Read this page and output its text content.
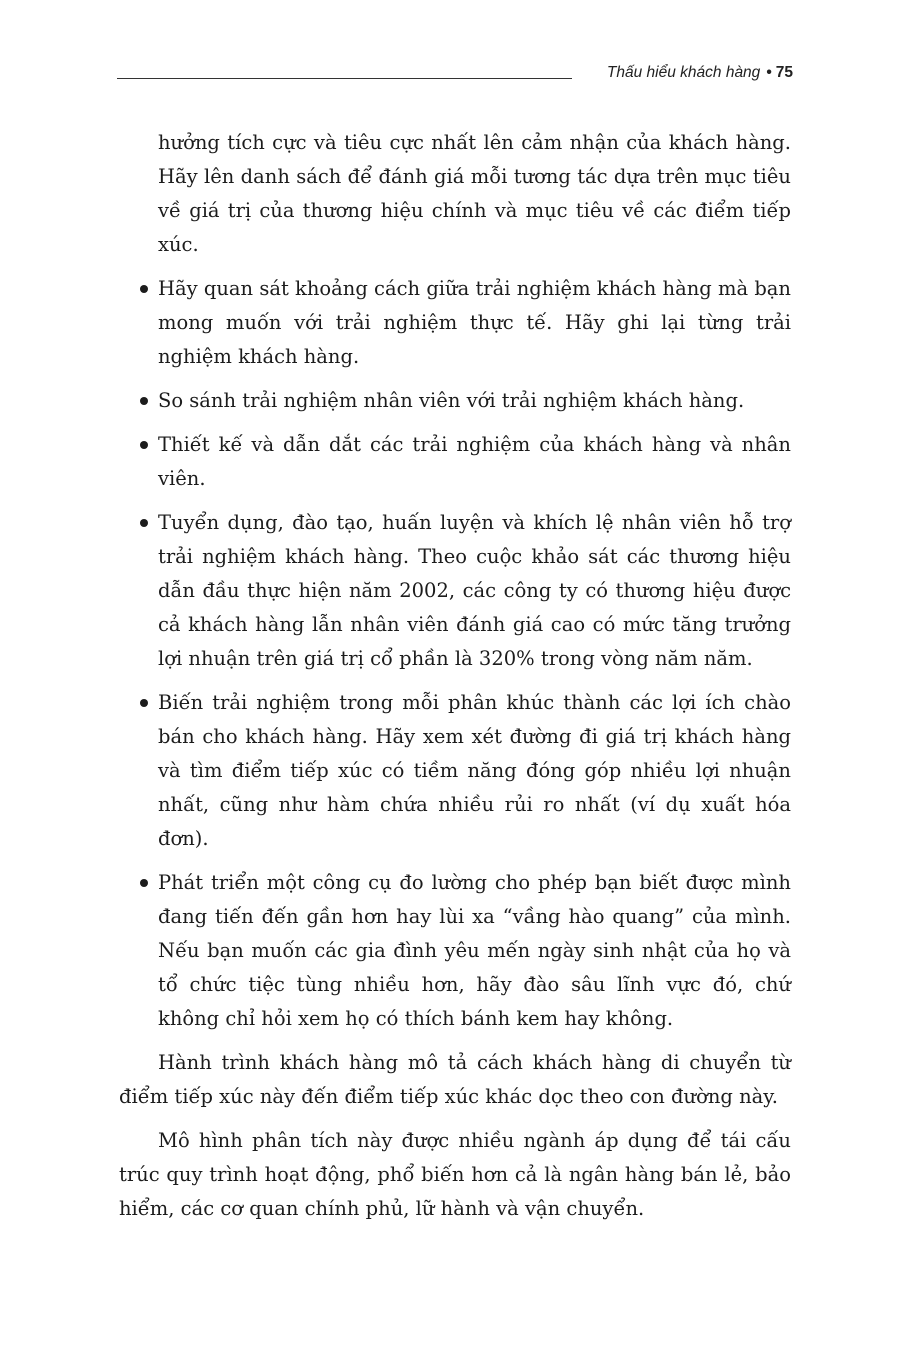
Thấu hiểu khách hàng • 75

hưởng tích cực và tiêu cực nhất lên cảm nhận của khách hàng. Hãy lên danh sách để đánh giá mỗi tương tác dựa trên mục tiêu về giá trị của thương hiệu chính và mục tiêu về các điểm tiếp xúc.

Hãy quan sát khoảng cách giữa trải nghiệm khách hàng mà bạn mong muốn với trải nghiệm thực tế. Hãy ghi lại từng trải nghiệm khách hàng.
So sánh trải nghiệm nhân viên với trải nghiệm khách hàng.
Thiết kế và dẫn dắt các trải nghiệm của khách hàng và nhân viên.
Tuyển dụng, đào tạo, huấn luyện và khích lệ nhân viên hỗ trợ trải nghiệm khách hàng. Theo cuộc khảo sát các thương hiệu dẫn đầu thực hiện năm 2002, các công ty có thương hiệu được cả khách hàng lẫn nhân viên đánh giá cao có mức tăng trưởng lợi nhuận trên giá trị cổ phần là 320% trong vòng năm năm.
Biến trải nghiệm trong mỗi phân khúc thành các lợi ích chào bán cho khách hàng. Hãy xem xét đường đi giá trị khách hàng và tìm điểm tiếp xúc có tiềm năng đóng góp nhiều lợi nhuận nhất, cũng như hàm chứa nhiều rủi ro nhất (ví dụ xuất hóa đơn).
Phát triển một công cụ đo lường cho phép bạn biết được mình đang tiến đến gần hơn hay lùi xa “vầng hào quang” của mình. Nếu bạn muốn các gia đình yêu mến ngày sinh nhật của họ và tổ chức tiệc tùng nhiều hơn, hãy đào sâu lĩnh vực đó, chứ không chỉ hỏi xem họ có thích bánh kem hay không.

Hành trình khách hàng mô tả cách khách hàng di chuyển từ điểm tiếp xúc này đến điểm tiếp xúc khác dọc theo con đường này.

Mô hình phân tích này được nhiều ngành áp dụng để tái cấu trúc quy trình hoạt động, phổ biến hơn cả là ngân hàng bán lẻ, bảo hiểm, các cơ quan chính phủ, lữ hành và vận chuyển.
